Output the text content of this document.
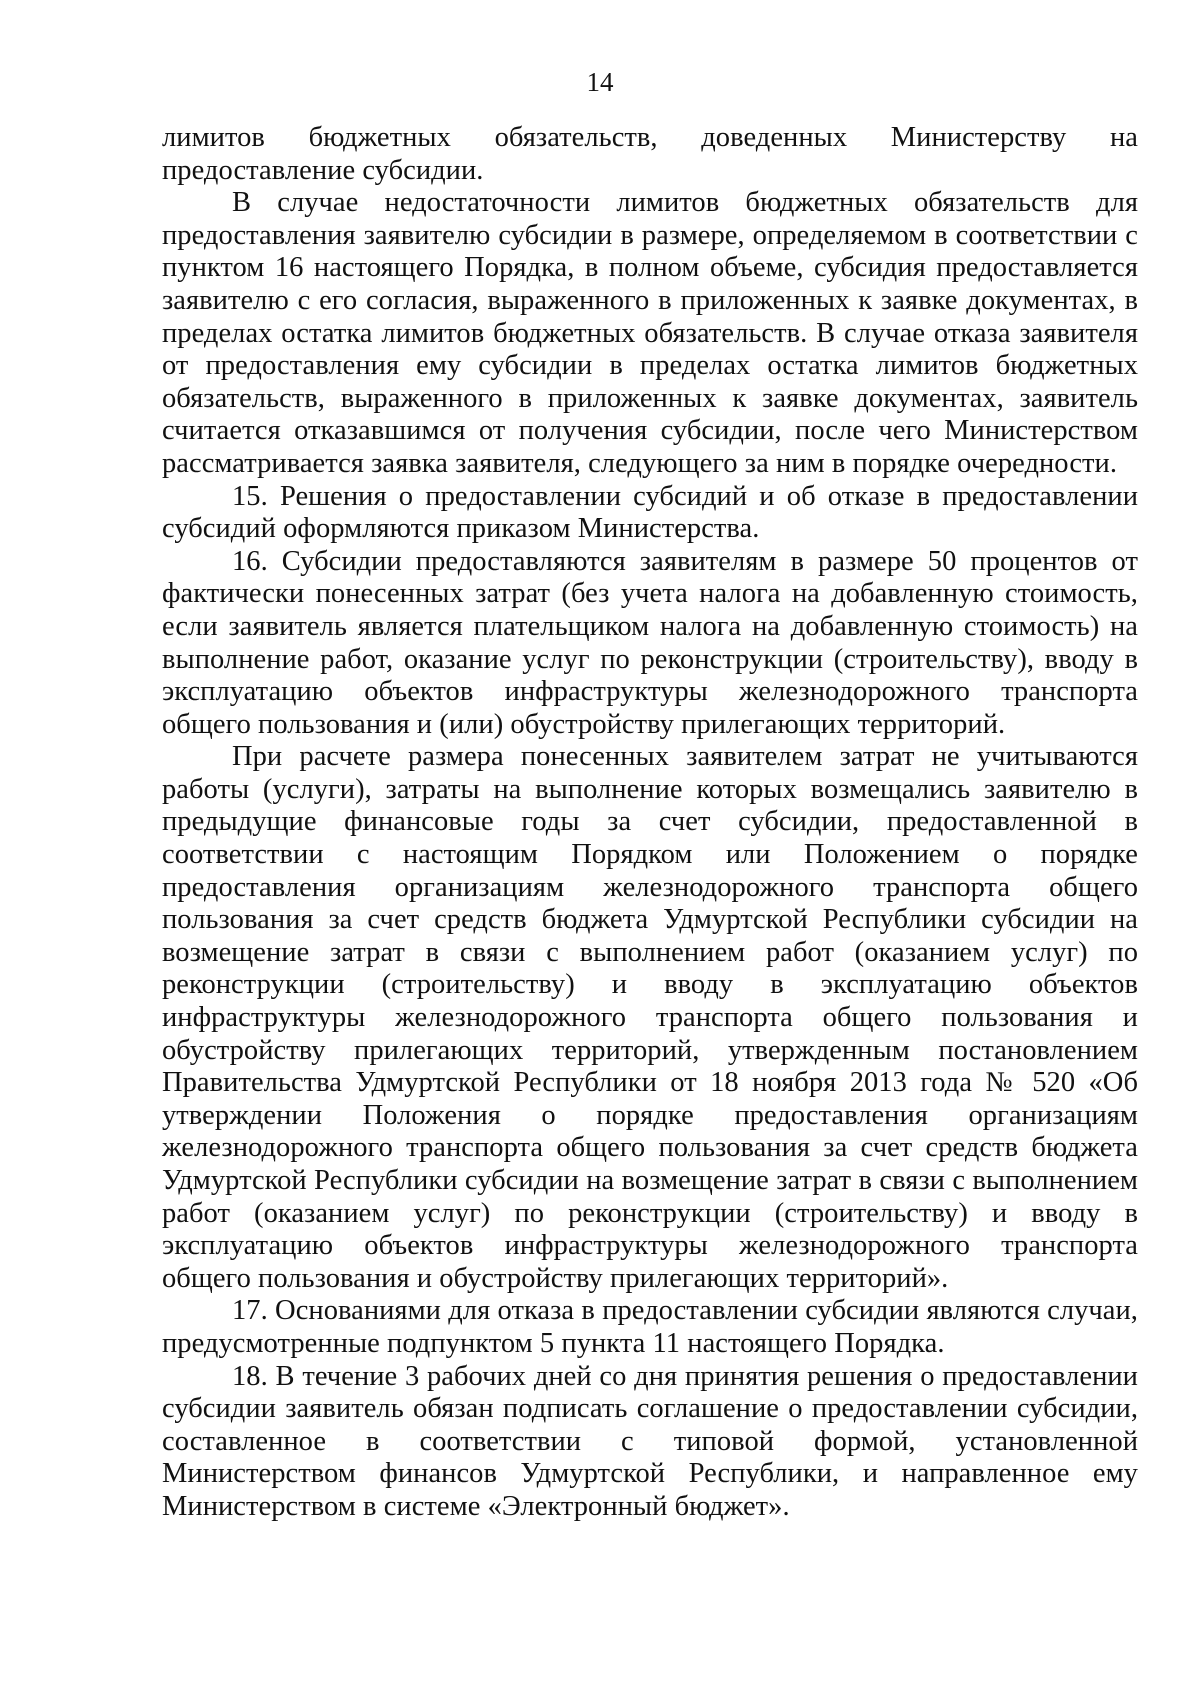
14

лимитов бюджетных обязательств, доведенных Министерству на предоставление субсидии.

В случае недостаточности лимитов бюджетных обязательств для предоставления заявителю субсидии в размере, определяемом в соответствии с пунктом 16 настоящего Порядка, в полном объеме, субсидия предоставляется заявителю с его согласия, выраженного в приложенных к заявке документах, в пределах остатка лимитов бюджетных обязательств. В случае отказа заявителя от предоставления ему субсидии в пределах остатка лимитов бюджетных обязательств, выраженного в приложенных к заявке документах, заявитель считается отказавшимся от получения субсидии, после чего Министерством рассматривается заявка заявителя, следующего за ним в порядке очередности.

15. Решения о предоставлении субсидий и об отказе в предоставлении субсидий оформляются приказом Министерства.

16. Субсидии предоставляются заявителям в размере 50 процентов от фактически понесенных затрат (без учета налога на добавленную стоимость, если заявитель является плательщиком налога на добавленную стоимость) на выполнение работ, оказание услуг по реконструкции (строительству), вводу в эксплуатацию объектов инфраструктуры железнодорожного транспорта общего пользования и (или) обустройству прилегающих территорий.

При расчете размера понесенных заявителем затрат не учитываются работы (услуги), затраты на выполнение которых возмещались заявителю в предыдущие финансовые годы за счет субсидии, предоставленной в соответствии с настоящим Порядком или Положением о порядке предоставления организациям железнодорожного транспорта общего пользования за счет средств бюджета Удмуртской Республики субсидии на возмещение затрат в связи с выполнением работ (оказанием услуг) по реконструкции (строительству) и вводу в эксплуатацию объектов инфраструктуры железнодорожного транспорта общего пользования и обустройству прилегающих территорий, утвержденным постановлением Правительства Удмуртской Республики от 18 ноября 2013 года № 520 «Об утверждении Положения о порядке предоставления организациям железнодорожного транспорта общего пользования за счет средств бюджета Удмуртской Республики субсидии на возмещение затрат в связи с выполнением работ (оказанием услуг) по реконструкции (строительству) и вводу в эксплуатацию объектов инфраструктуры железнодорожного транспорта общего пользования и обустройству прилегающих территорий».

17. Основаниями для отказа в предоставлении субсидии являются случаи, предусмотренные подпунктом 5 пункта 11 настоящего Порядка.

18. В течение 3 рабочих дней со дня принятия решения о предоставлении субсидии заявитель обязан подписать соглашение о предоставлении субсидии, составленное в соответствии с типовой формой, установленной Министерством финансов Удмуртской Республики, и направленное ему Министерством в системе «Электронный бюджет».
